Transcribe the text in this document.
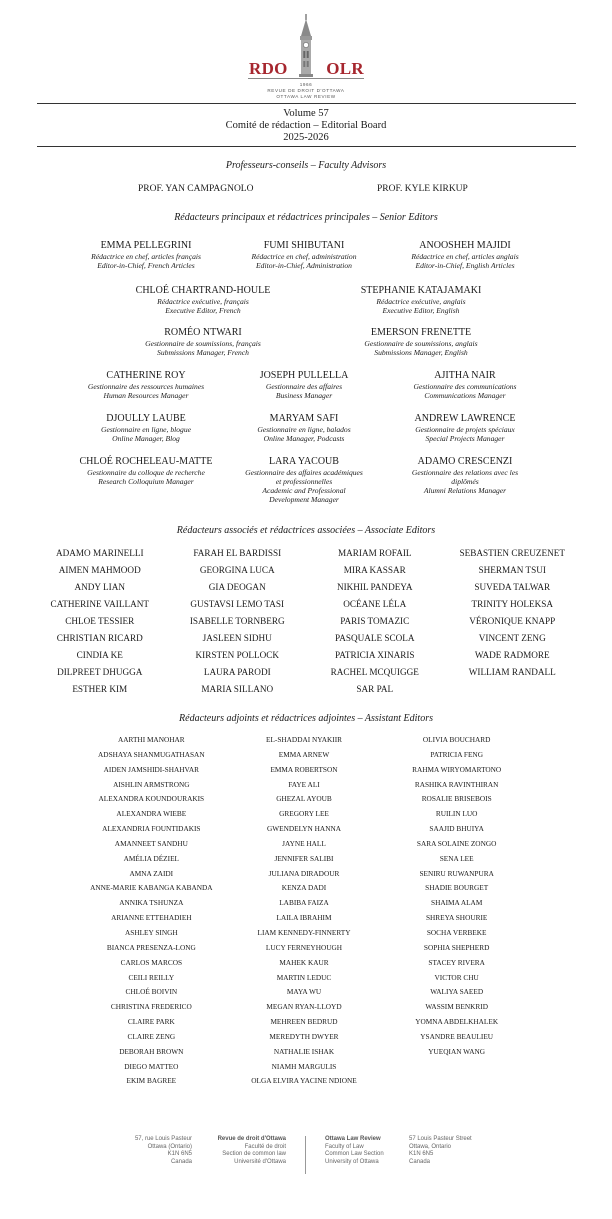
RDO OLR
1966
REVUE DE DROIT D'OTTAWA
OTTAWA LAW REVIEW
Volume 57
Comité de rédaction – Editorial Board
2025-2026
Professeurs-conseils – Faculty Advisors
PROF. YAN CAMPAGNOLO	PROF. KYLE KIRKUP
Rédacteurs principaux et rédactrices principales – Senior Editors
EMMA PELLEGRINI
Rédactrice en chef, articles français
Editor-in-Chief, French Articles
FUMI SHIBUTANI
Rédactrice en chef, administration
Editor-in-Chief, Administration
ANOOSHEH MAJIDI
Rédactrice en chef, articles anglais
Editor-in-Chief, English Articles
CHLOÉ CHARTRAND-HOULE
Rédactrice exécutive, français
Executive Editor, French
STEPHANIE KATAJAMAKI
Rédactrice exécutive, anglais
Executive Editor, English
ROMÉO NTWARI
Gestionnaire de soumissions, français
Submissions Manager, French
EMERSON FRENETTE
Gestionnaire de soumissions, anglais
Submissions Manager, English
CATHERINE ROY
Gestionnaire des ressources humaines
Human Resources Manager
JOSEPH PULLELLA
Gestionnaire des affaires
Business Manager
AJITHA NAIR
Gestionnaire des communications
Communications Manager
DJOULLY LAUBE
Gestionnaire en ligne, blogue
Online Manager, Blog
MARYAM SAFI
Gestionnaire en ligne, balados
Online Manager, Podcasts
ANDREW LAWRENCE
Gestionnaire de projets spéciaux
Special Projects Manager
CHLOÉ ROCHELEAU-MATTE
Gestionnaire du colloque de recherche
Research Colloquium Manager
LARA YACOUB
Gestionnaire des affaires académiques
et professionnelles
Academic and Professional
Development Manager
ADAMO CRESCENZI
Gestionnaire des relations avec les
diplômés
Alumni Relations Manager
Rédacteurs associés et rédactrices associées – Associate Editors
ADAMO MARINELLI	FARAH EL BARDISSI	MARIAM ROFAIL	SEBASTIEN CREUZENET
AIMEN MAHMOOD	GEORGINA LUCA	MIRA KASSAR	SHERMAN TSUI
ANDY LIAN	GIA DEOGAN	NIKHIL PANDEYA	SUVEDA TALWAR
CATHERINE VAILLANT	GUSTAVSI LEMO TASI	OCÉANE LÉLA	TRINITY HOLEKSA
CHLOE TESSIER	ISABELLE TORNBERG	PARIS TOMAZIC	VÉRONIQUE KNAPP
CHRISTIAN RICARD	JASLEEN SIDHU	PASQUALE SCOLA	VINCENT ZENG
CINDIA KE	KIRSTEN POLLOCK	PATRICIA XINARIS	WADE RADMORE
DILPREET DHUGGA	LAURA PARODI	RACHEL MCQUIGGE	WILLIAM RANDALL
ESTHER KIM	MARIA SILLANO	SAR PAL
Rédacteurs adjoints et rédactrices adjointes – Assistant Editors
AARTHI MANOHAR
ADSHAYA SHANMUGATHASAN
AIDEN JAMSHIDI-SHAHVAR
AISHLIN ARMSTRONG
ALEXANDRA KOUNDOURAKIS
ALEXANDRA WIEBE
ALEXANDRIA FOUNTIDAKIS
AMANNEET SANDHU
AMÉLIA DÉZIEL
AMNA ZAIDI
ANNE-MARIE KABANGA KABANDA
ANNIKA TSHUNZA
ARIANNE ETTEHADIEH
ASHLEY SINGH
BIANCA PRESENZA-LONG
CARLOS MARCOS
CEILI REILLY
CHLOÉ BOIVIN
CHRISTINA FREDERICO
CLAIRE PARK
CLAIRE ZENG
DEBORAH BROWN
DIEGO MATTEO
EKIM BAGREE
EL-SHADDAI NYAKIIR
EMMA ARNEW
EMMA ROBERTSON
FAYE ALI
GHEZAL AYOUB
GREGORY LEE
GWENDELYN HANNA
JAYNE HALL
JENNIFER SALIBI
JULIANA DIRADOUR
KENZA DADI
LABIBA FAIZA
LAILA IBRAHIM
LIAM KENNEDY-FINNERTY
LUCY FERNEYHOUGH
MAHEK KAUR
MARTIN LEDUC
MAYA WU
MEGAN RYAN-LLOYD
MEHREEN BEDRUD
MEREDYTH DWYER
NATHALIE ISHAK
NIAMH MARGULIS
OLGA ELVIRA YACINE NDIONE
OLIVIA BOUCHARD
PATRICIA FENG
RAHMA WIRYOMARTONO
RASHIKA RAVINTHIRAN
ROSALIE BRISEBOIS
RUILIN LUO
SAAJID BHUIYA
SARA SOLAINE ZONGO
SENA LEE
SENIRU RUWANPURA
SHADIE BOURGET
SHAIMA ALAM
SHREYA SHOURIE
SOCHA VERBEKE
SOPHIA SHEPHERD
STACEY RIVERA
VICTOR CHU
WALIYA SAEED
WASSIM BENKRID
YOMNA ABDELKHALEK
YSANDRE BEAULIEU
YUEQIAN WANG
57, rue Louis Pasteur
Ottawa (Ontario)
K1N 6N5
Canada
Revue de droit d'Ottawa
Faculté de droit
Section de common law
Université d'Ottawa
Ottawa Law Review
Faculty of Law
Common Law Section
University of Ottawa
57 Louis Pasteur Street
Ottawa, Ontario
K1N 6N5
Canada
